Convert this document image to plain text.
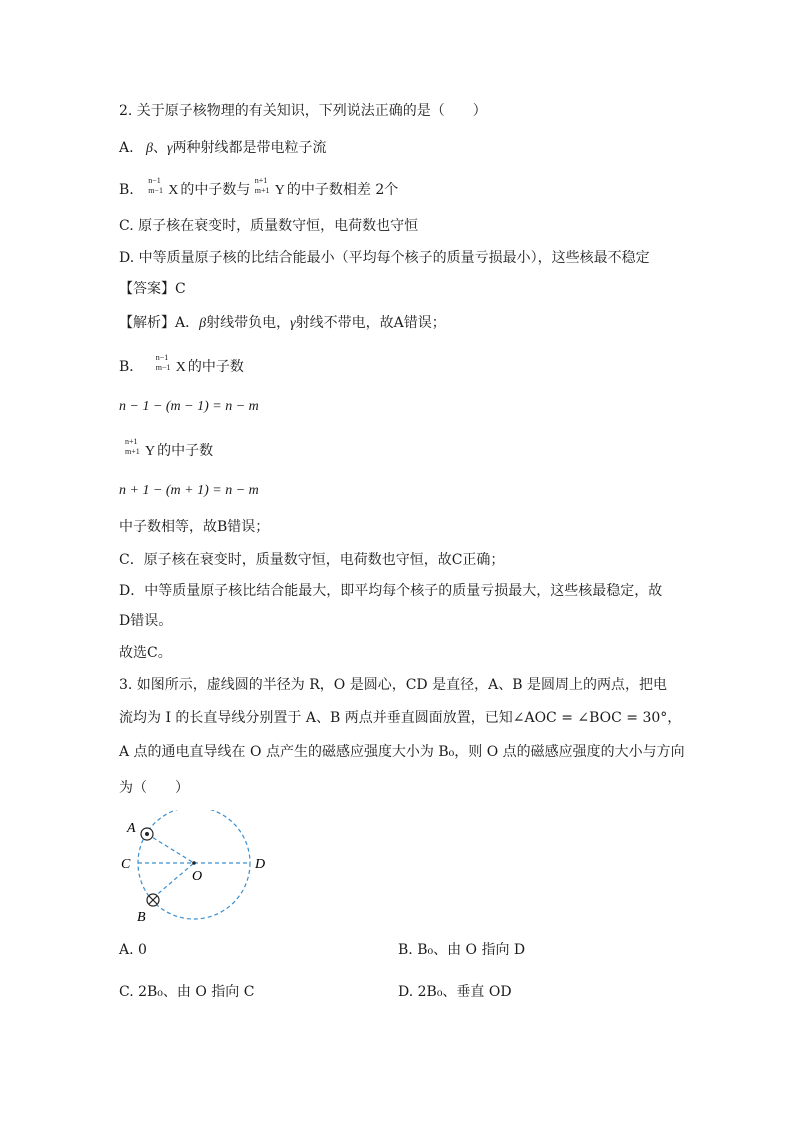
2. 关于原子核物理的有关知识，下列说法正确的是（　　）
A. β、γ两种射线都是带电粒子流
B.
n−1
m−1 X 的中子数与
n+1
m+1 Y 的中子数相差 2个
C. 原子核在衰变时，质量数守恒，电荷数也守恒
D. 中等质量原子核的比结合能最小（平均每个核子的质量亏损最小），这些核最不稳定
【答案】C
【解析】A．β射线带负电，γ射线不带电，故A错误；
B．
n−1
m−1 X 的中子数
n − 1 − (m − 1) = n − m
n+1
m+1 Y 的中子数
n + 1 − (m + 1) = n − m
中子数相等，故B错误；
C．原子核在衰变时，质量数守恒，电荷数也守恒，故C正确；
D．中等质量原子核比结合能最大，即平均每个核子的质量亏损最大，这些核最稳定，故
D错误。
故选C。
3. 如图所示，虚线圆的半径为 R，O 是圆心，CD 是直径，A、B 是圆周上的两点，把电
流均为 I 的长直导线分别置于 A、B 两点并垂直圆面放置，已知∠AOC = ∠BOC = 30°，
A 点的通电直导线在 O 点产生的磁感应强度大小为 B₀，则 O 点的磁感应强度的大小与方向
为（　　）
A
C	D
O
B
A. 0	B. B₀、由 O 指向 D
C. 2B₀、由 O 指向 C	D. 2B₀、垂直 OD
